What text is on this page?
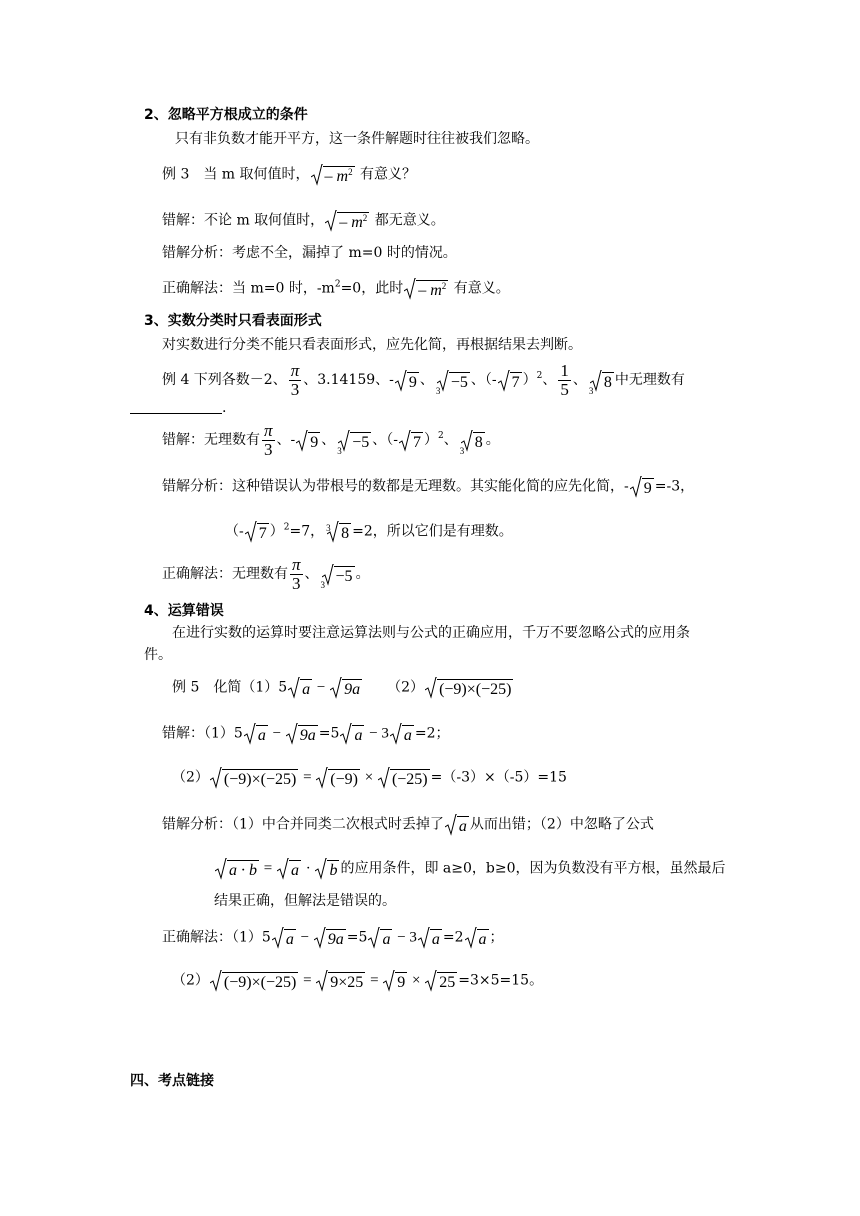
2、忽略平方根成立的条件
只有非负数才能开平方，这一条件解题时往往被我们忽略。
例 3　当 m 取何值时， – $m^2$ 有意义？
错解：不论 m 取何值时， – $m^2$ 都无意义。
错解分析：考虑不全，漏掉了 m=0 时的情况。
正确解法：当 m=0 时，$-m^2=0$，此时 – $m^2$ 有意义。
3、实数分类时只看表面形式
对实数进行分类不能只看表面形式，应先化简，再根据结果去判断。
例 4 下列各数－2、 $\frac{\pi}{3}$ 、3.14159、- 9 、
3 −5 、（- 7 ）$^2$、 $\frac{1}{5}$ 、
3 8 中无理数有
.
错解：无理数有 $\frac{\pi}{3}$ 、- 9 、
3 −5 、（- 7 ）$^2$、
3 8 。
错解分析：这种错误认为带根号的数都是无理数。其实能化简的应先化简，- 9 =-3，
（- 7 ）$^2$=7， 3 8 =2，所以它们是有理数。
正确解法：无理数有 $\frac{\pi}{3}$ 、
3 −5 。
4、运算错误
在进行实数的运算时要注意运算法则与公式的正确应用，千万不要忽略公式的应用条
件。
例 5　化简（1）5 a − 9a （2） (−9)×(−25)
错解：（1）5 a − 9a =5 a − 3 a =2；
（2） (−9)×(−25) = (−9) × (−25) =（-3）×（-5）=15
错解分析：（1）中合并同类二次根式时丢掉了 a 从而出错；（2）中忽略了公式
a · b = a · b 的应用条件，即 a≥0，b≥0，因为负数没有平方根，虽然最后
结果正确，但解法是错误的。
正确解法：（1）5 a − 9a =5 a − 3 a =2 a ；
（2） (−9)×(−25) = 9×25 = 9 × 25 =3×5=15。
四、考点链接
